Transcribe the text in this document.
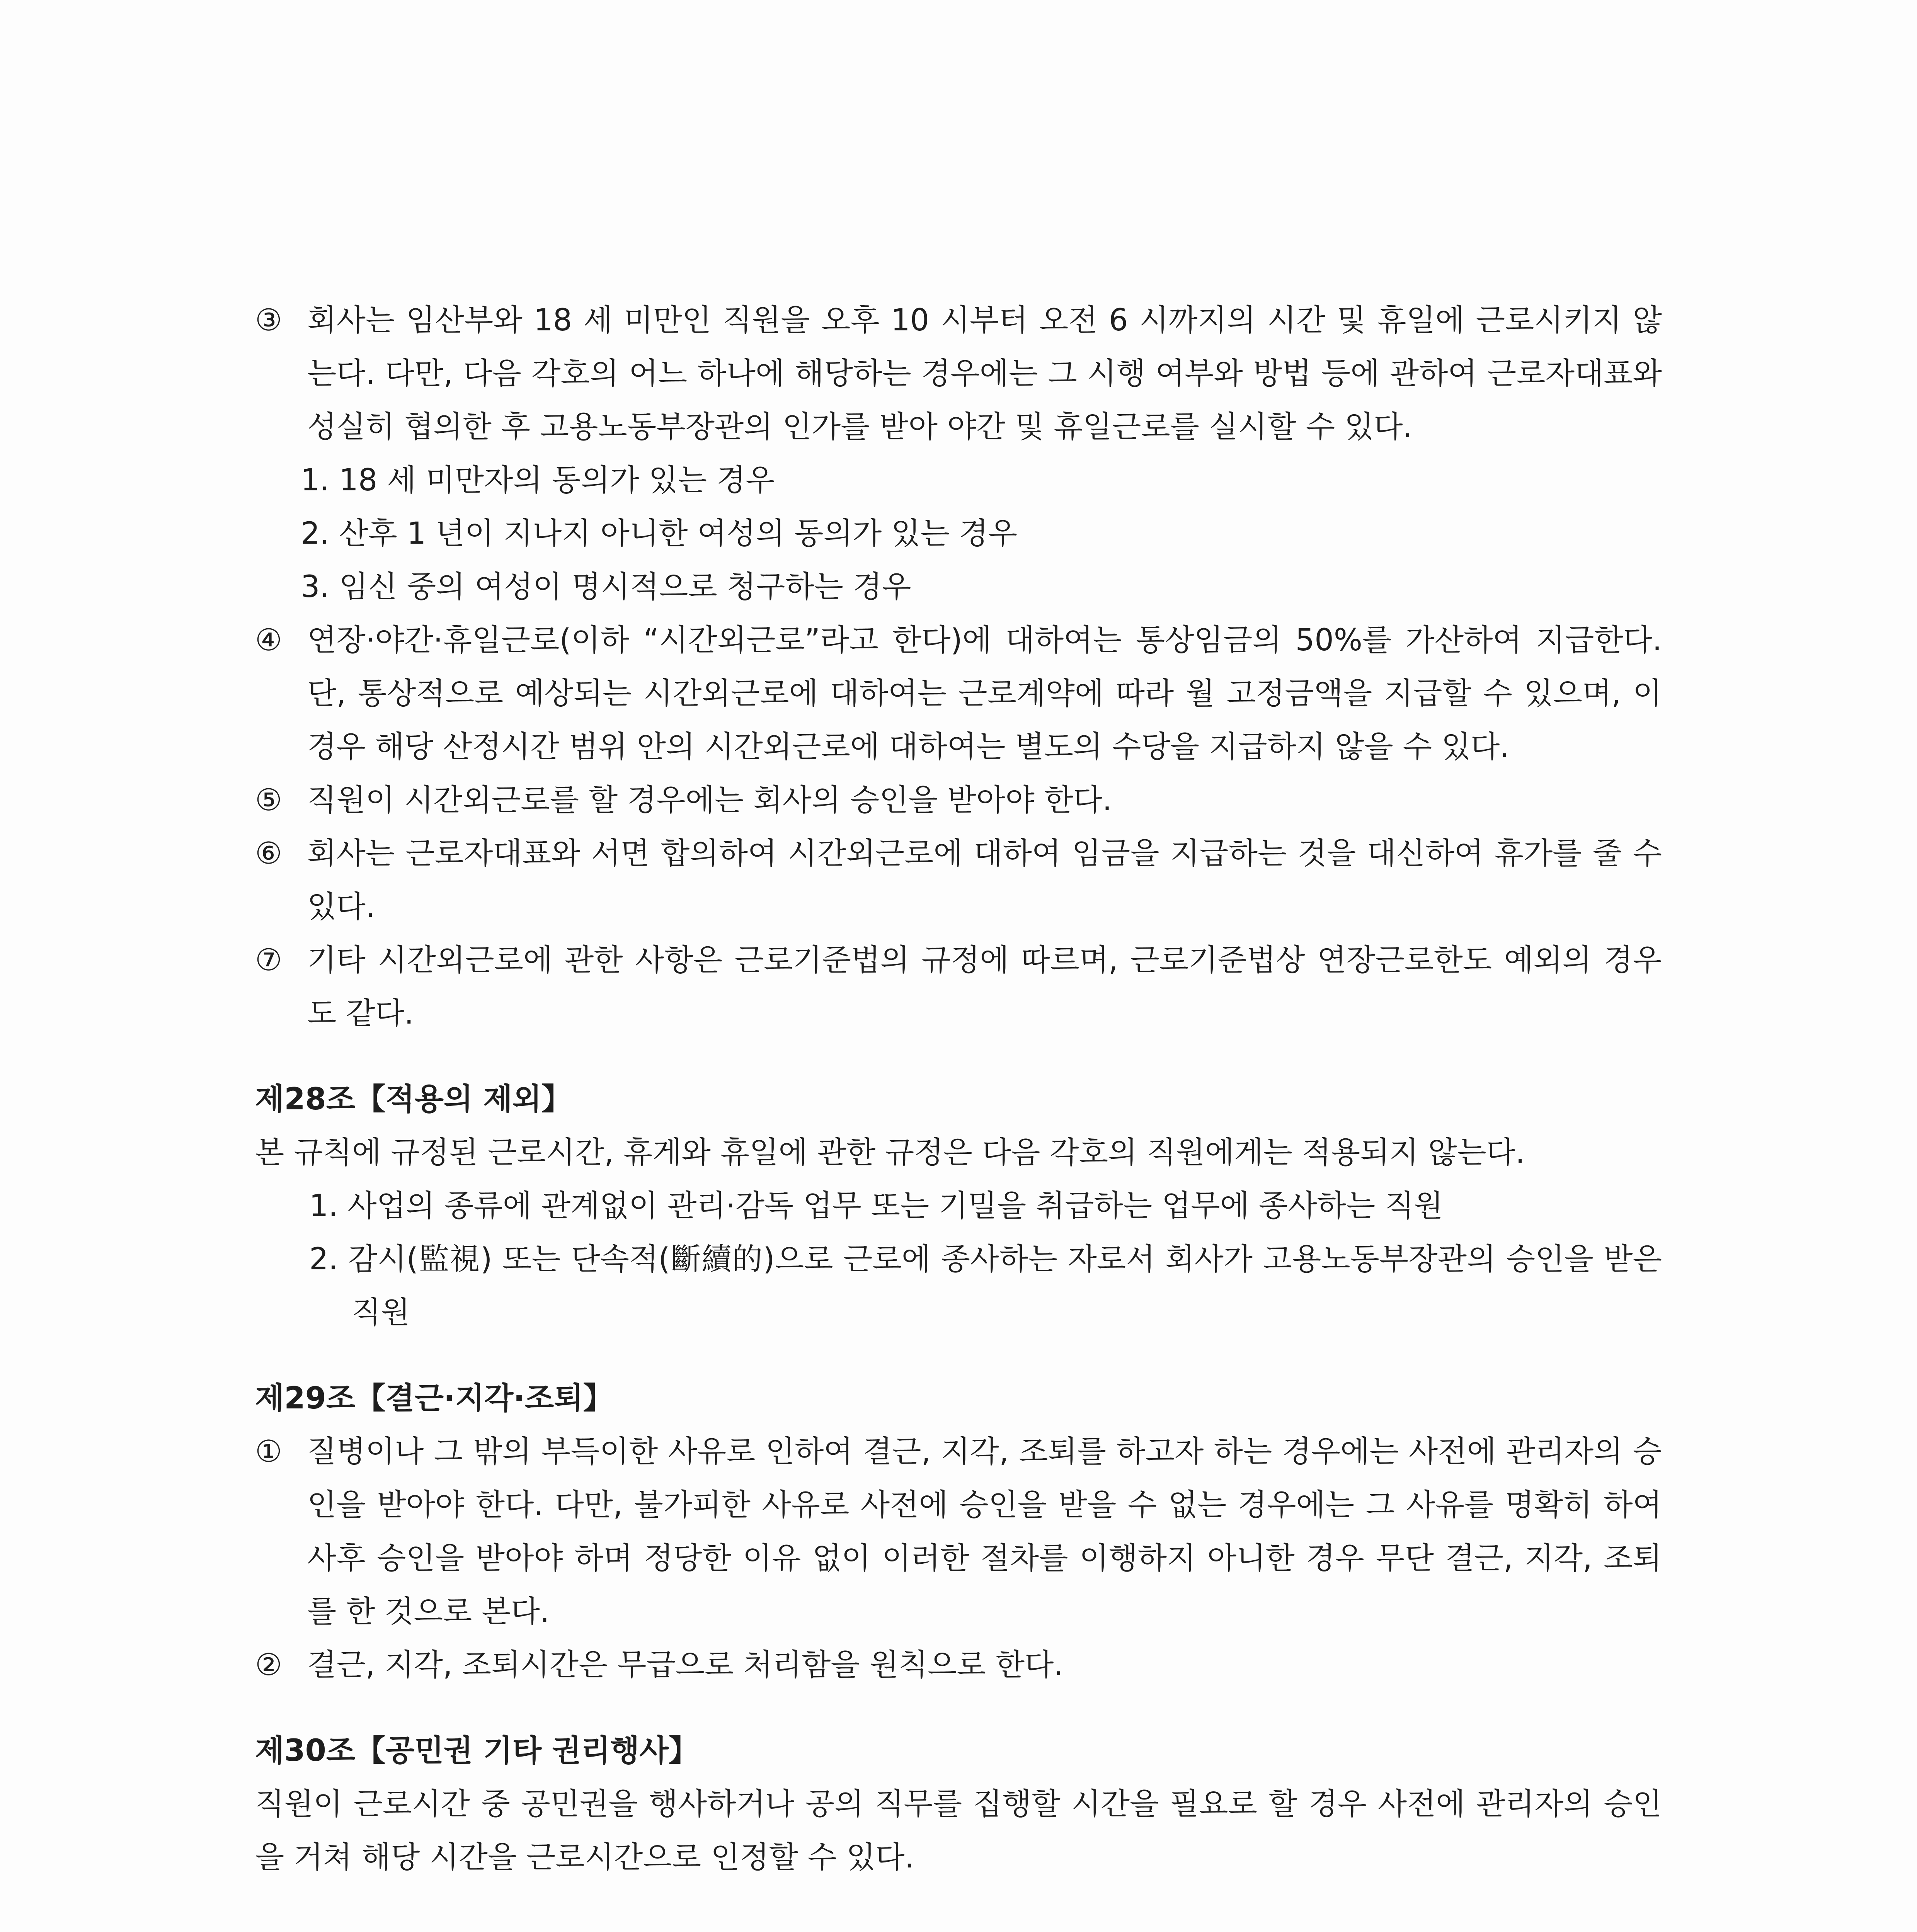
③ 회사는 임산부와 18 세 미만인 직원을 오후 10 시부터 오전 6 시까지의 시간 및 휴일에 근로시키지 않는다. 다만, 다음 각호의 어느 하나에 해당하는 경우에는 그 시행 여부와 방법 등에 관하여 근로자대표와 성실히 협의한 후 고용노동부장관의 인가를 받아 야간 및 휴일근로를 실시할 수 있다.
1. 18 세 미만자의 동의가 있는 경우
2. 산후 1 년이 지나지 아니한 여성의 동의가 있는 경우
3. 임신 중의 여성이 명시적으로 청구하는 경우
④ 연장·야간·휴일근로(이하 “시간외근로”라고 한다)에 대하여는 통상임금의 50%를 가산하여 지급한다. 단, 통상적으로 예상되는 시간외근로에 대하여는 근로계약에 따라 월 고정금액을 지급할 수 있으며, 이 경우 해당 산정시간 범위 안의 시간외근로에 대하여는 별도의 수당을 지급하지 않을 수 있다.
⑤ 직원이 시간외근로를 할 경우에는 회사의 승인을 받아야 한다.
⑥ 회사는 근로자대표와 서면 합의하여 시간외근로에 대하여 임금을 지급하는 것을 대신하여 휴가를 줄 수 있다.
⑦ 기타 시간외근로에 관한 사항은 근로기준법의 규정에 따르며, 근로기준법상 연장근로한도 예외의 경우도 같다.
제28조【적용의 제외】
본 규칙에 규정된 근로시간, 휴게와 휴일에 관한 규정은 다음 각호의 직원에게는 적용되지 않는다.
1. 사업의 종류에 관계없이 관리·감독 업무 또는 기밀을 취급하는 업무에 종사하는 직원
2. 감시(監視) 또는 단속적(斷續的)으로 근로에 종사하는 자로서 회사가 고용노동부장관의 승인을 받은 직원
제29조【결근·지각·조퇴】
① 질병이나 그 밖의 부득이한 사유로 인하여 결근, 지각, 조퇴를 하고자 하는 경우에는 사전에 관리자의 승인을 받아야 한다. 다만, 불가피한 사유로 사전에 승인을 받을 수 없는 경우에는 그 사유를 명확히 하여 사후 승인을 받아야 하며 정당한 이유 없이 이러한 절차를 이행하지 아니한 경우 무단 결근, 지각, 조퇴를 한 것으로 본다.
② 결근, 지각, 조퇴시간은 무급으로 처리함을 원칙으로 한다.
제30조【공민권 기타 권리행사】
직원이 근로시간 중 공민권을 행사하거나 공의 직무를 집행할 시간을 필요로 할 경우 사전에 관리자의 승인을 거쳐 해당 시간을 근로시간으로 인정할 수 있다.
